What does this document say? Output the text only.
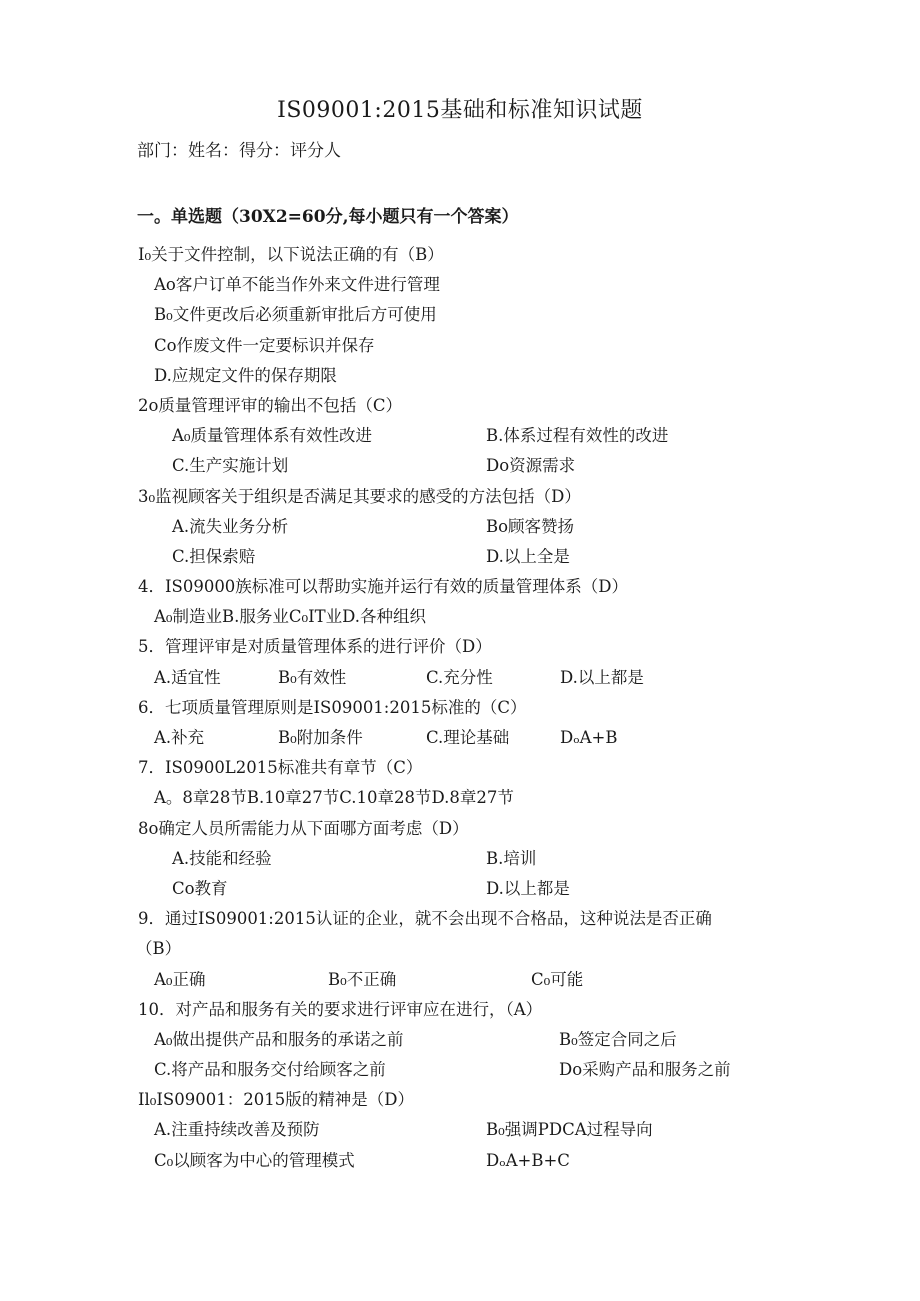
IS09001:2015基础和标准知识试题
部门：姓名：得分：评分人
一。单选题（30X2=60分,每小题只有一个答案）
I₀关于文件控制，以下说法正确的有（B）
Ao客户订单不能当作外来文件进行管理
B₀文件更改后必须重新审批后方可使用
Co作废文件一定要标识并保存
D.应规定文件的保存期限
2o质量管理评审的输出不包括（C）
A₀质量管理体系有效性改进	B.体系过程有效性的改进
C.生产实施计划	Do资源需求
3₀监视顾客关于组织是否满足其要求的感受的方法包括（D）
A.流失业务分析	Bo顾客赞扬
C.担保索赔	D.以上全是
4．IS09000族标准可以帮助实施并运行有效的质量管理体系（D）
A₀制造业B.服务业C₀IT业D.各种组织
5．管理评审是对质量管理体系的进行评价（D）
A.适宜性	B₀有效性	C.充分性	D.以上都是
6．七项质量管理原则是IS09001:2015标准的（C）
A.补充	B₀附加条件	C.理论基础	DₒA+B
7．IS0900L2015标准共有章节（C）
A。8章28节B.10章27节C.10章28节D.8章27节
8o确定人员所需能力从下面哪方面考虑（D）
A.技能和经验	B.培训
Co教育	D.以上都是
9．通过IS09001:2015认证的企业，就不会出现不合格品，这种说法是否正确
（B）
A₀正确	B₀不正确	C₀可能
10．对产品和服务有关的要求进行评审应在进行，（A）
A₀做出提供产品和服务的承诺之前	B₀签定合同之后
C.将产品和服务交付给顾客之前	Do采购产品和服务之前
Il₀IS09001：2015版的精神是（D）
A.注重持续改善及预防	B₀强调PDCA过程导向
C₀以顾客为中心的管理模式	DₒA+B+C
